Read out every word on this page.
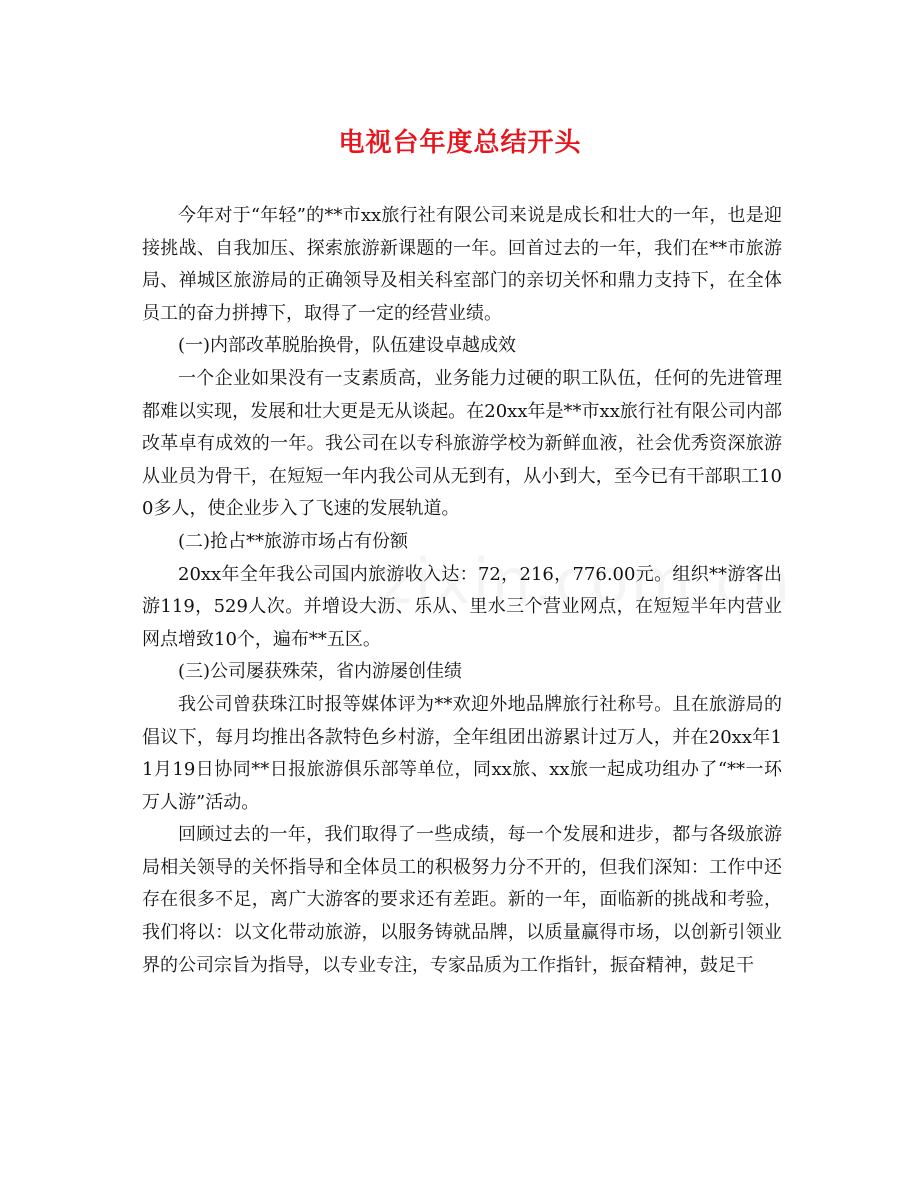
电视台年度总结开头

今年对于“年轻”的**市xx旅行社有限公司来说是成长和壮大的一年，也是迎接挑战、自我加压、探索旅游新课题的一年。回首过去的一年，我们在**市旅游局、禅城区旅游局的正确领导及相关科室部门的亲切关怀和鼎力支持下，在全体员工的奋力拼搏下，取得了一定的经营业绩。

(一)内部改革脱胎换骨，队伍建设卓越成效

一个企业如果没有一支素质高，业务能力过硬的职工队伍，任何的先进管理都难以实现，发展和壮大更是无从谈起。在20xx年是**市xx旅行社有限公司内部改革卓有成效的一年。我公司在以专科旅游学校为新鲜血液，社会优秀资深旅游从业员为骨干，在短短一年内我公司从无到有，从小到大，至今已有干部职工100多人，使企业步入了飞速的发展轨道。

(二)抢占**旅游市场占有份额

20xx年全年我公司国内旅游收入达：72，216，776.00元。组织**游客出游119，529人次。并增设大沥、乐从、里水三个营业网点，在短短半年内营业网点增致10个，遍布**五区。

(三)公司屡获殊荣，省内游屡创佳绩

我公司曾获珠江时报等媒体评为**欢迎外地品牌旅行社称号。且在旅游局的倡议下，每月均推出各款特色乡村游，全年组团出游累计过万人，并在20xx年11月19日协同**日报旅游俱乐部等单位，同xx旅、xx旅一起成功组办了“**一环万人游”活动。

回顾过去的一年，我们取得了一些成绩，每一个发展和进步，都与各级旅游局相关领导的关怀指导和全体员工的积极努力分不开的，但我们深知：工作中还存在很多不足，离广大游客的要求还有差距。新的一年，面临新的挑战和考验，我们将以：以文化带动旅游，以服务铸就品牌，以质量赢得市场，以创新引领业界的公司宗旨为指导，以专业专注，专家品质为工作指针，振奋精神，鼓足干
